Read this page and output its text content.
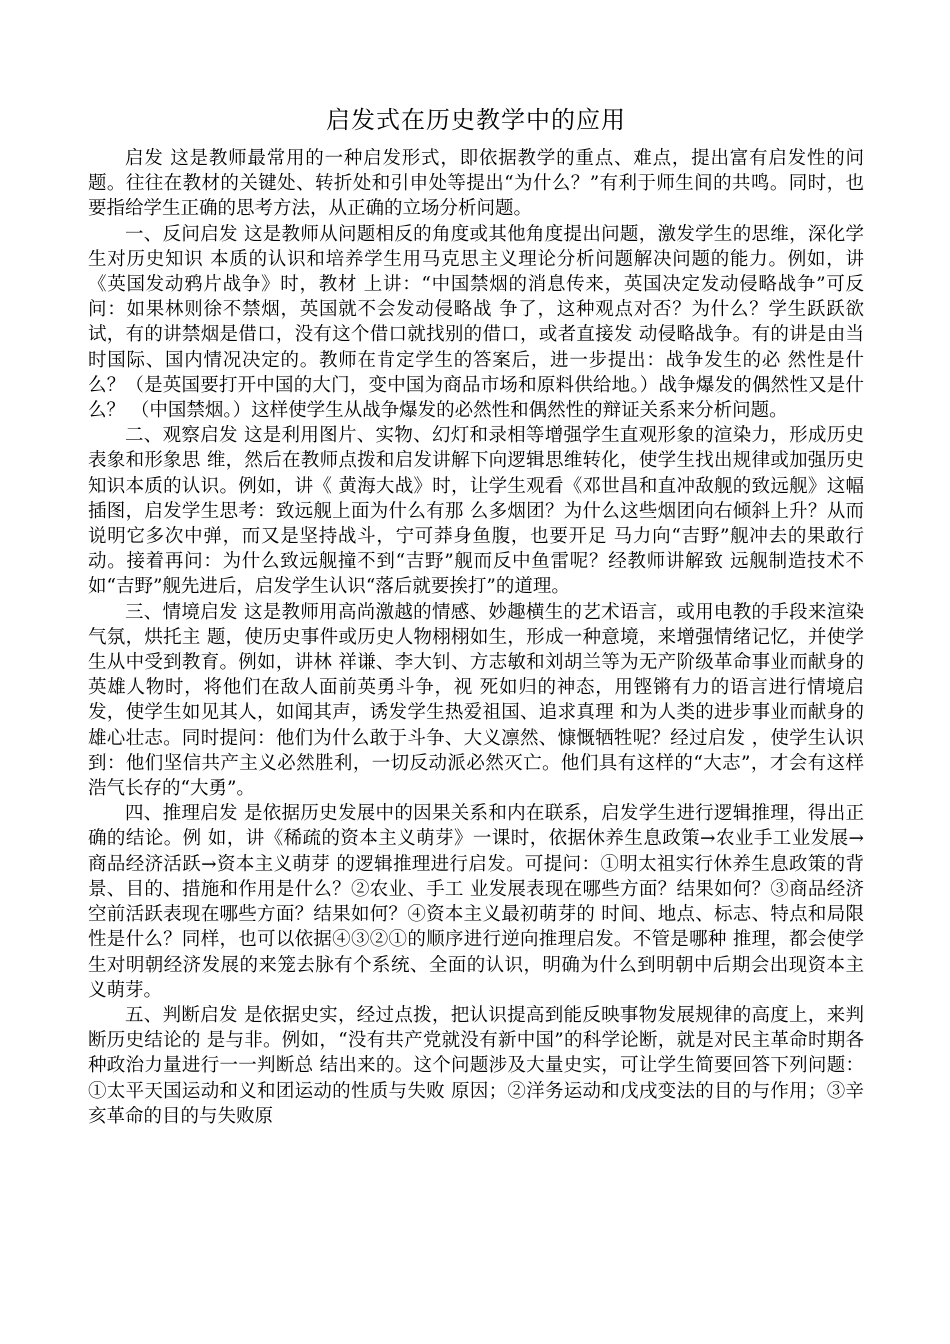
启发式在历史教学中的应用

启发 这是教师最常用的一种启发形式，即依据教学的重点、难点，提出富有启发性的问题。往往在教材的关键处、转折处和引申处等提出“为什么？”有利于师生间的共鸣。同时，也要指给学生正确的思考方法，从正确的立场分析问题。

一、反问启发 这是教师从问题相反的角度或其他角度提出问题，激发学生的思维，深化学生对历史知识 本质的认识和培养学生用马克思主义理论分析问题解决问题的能力。例如，讲《英国发动鸦片战争》时，教材 上讲：“中国禁烟的消息传来，英国决定发动侵略战争”可反问：如果林则徐不禁烟，英国就不会发动侵略战 争了，这种观点对否？为什么？学生跃跃欲试，有的讲禁烟是借口，没有这个借口就找别的借口，或者直接发 动侵略战争。有的讲是由当时国际、国内情况决定的。教师在肯定学生的答案后，进一步提出：战争发生的必 然性是什么？（是英国要打开中国的大门，变中国为商品市场和原料供给地。）战争爆发的偶然性又是什么？ （中国禁烟。）这样使学生从战争爆发的必然性和偶然性的辩证关系来分析问题。

二、观察启发 这是利用图片、实物、幻灯和录相等增强学生直观形象的渲染力，形成历史表象和形象思 维，然后在教师点拨和启发讲解下向逻辑思维转化，使学生找出规律或加强历史知识本质的认识。例如，讲《 黄海大战》时，让学生观看《邓世昌和直冲敌舰的致远舰》这幅插图，启发学生思考：致远舰上面为什么有那 么多烟团？为什么这些烟团向右倾斜上升？从而说明它多次中弹，而又是坚持战斗，宁可莽身鱼腹，也要开足 马力向“吉野”舰冲去的果敢行动。接着再问：为什么致远舰撞不到“吉野”舰而反中鱼雷呢？经教师讲解致 远舰制造技术不如“吉野”舰先进后，启发学生认识“落后就要挨打”的道理。

三、情境启发 这是教师用高尚激越的情感、妙趣横生的艺术语言，或用电教的手段来渲染气氛，烘托主 题，使历史事件或历史人物栩栩如生，形成一种意境，来增强情绪记忆，并使学生从中受到教育。例如，讲林 祥谦、李大钊、方志敏和刘胡兰等为无产阶级革命事业而献身的英雄人物时，将他们在敌人面前英勇斗争，视 死如归的神态，用铿锵有力的语言进行情境启发，使学生如见其人，如闻其声，诱发学生热爱祖国、追求真理 和为人类的进步事业而献身的雄心壮志。同时提问：他们为什么敢于斗争、大义凛然、慷慨牺牲呢？经过启发 ，使学生认识到：他们坚信共产主义必然胜利，一切反动派必然灭亡。他们具有这样的“大志”，才会有这样 浩气长存的“大勇”。

四、推理启发 是依据历史发展中的因果关系和内在联系，启发学生进行逻辑推理，得出正确的结论。例 如，讲《稀疏的资本主义萌芽》一课时，依据休养生息政策→农业手工业发展→商品经济活跃→资本主义萌芽 的逻辑推理进行启发。可提问：①明太祖实行休养生息政策的背景、目的、措施和作用是什么？②农业、手工 业发展表现在哪些方面？结果如何？③商品经济空前活跃表现在哪些方面？结果如何？④资本主义最初萌芽的 时间、地点、标志、特点和局限性是什么？同样，也可以依据④③②①的顺序进行逆向推理启发。不管是哪种 推理，都会使学生对明朝经济发展的来笼去脉有个系统、全面的认识，明确为什么到明朝中后期会出现资本主 义萌芽。

五、判断启发 是依据史实，经过点拨，把认识提高到能反映事物发展规律的高度上，来判断历史结论的 是与非。例如，“没有共产党就没有新中国”的科学论断，就是对民主革命时期各种政治力量进行一一判断总 结出来的。这个问题涉及大量史实，可让学生简要回答下列问题：①太平天国运动和义和团运动的性质与失败 原因；②洋务运动和戊戌变法的目的与作用；③辛亥革命的目的与失败原
